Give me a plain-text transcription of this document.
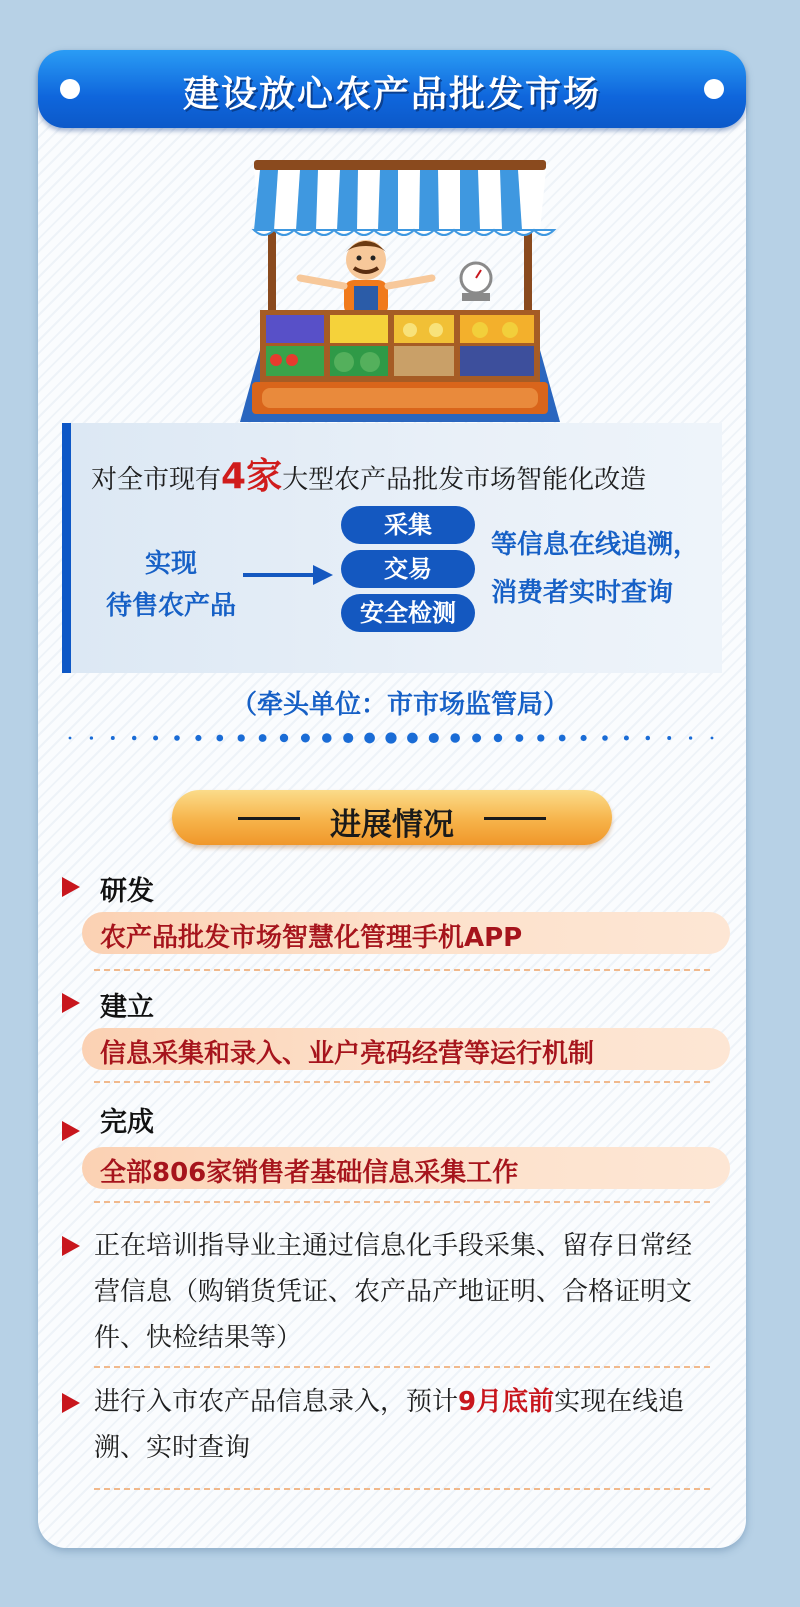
建设放心农产品批发市场
对全市现有4家大型农产品批发市场智能化改造
实现
待售农产品
采集
交易
安全检测
等信息在线追溯，
消费者实时查询
（牵头单位：市市场监管局）
进展情况
研发
农产品批发市场智慧化管理手机APP
建立
信息采集和录入、业户亮码经营等运行机制
完成
全部806家销售者基础信息采集工作
正在培训指导业主通过信息化手段采集、留存日常经营信息（购销货凭证、农产品产地证明、合格证明文件、快检结果等）
进行入市农产品信息录入，预计9月底前实现在线追溯、实时查询
